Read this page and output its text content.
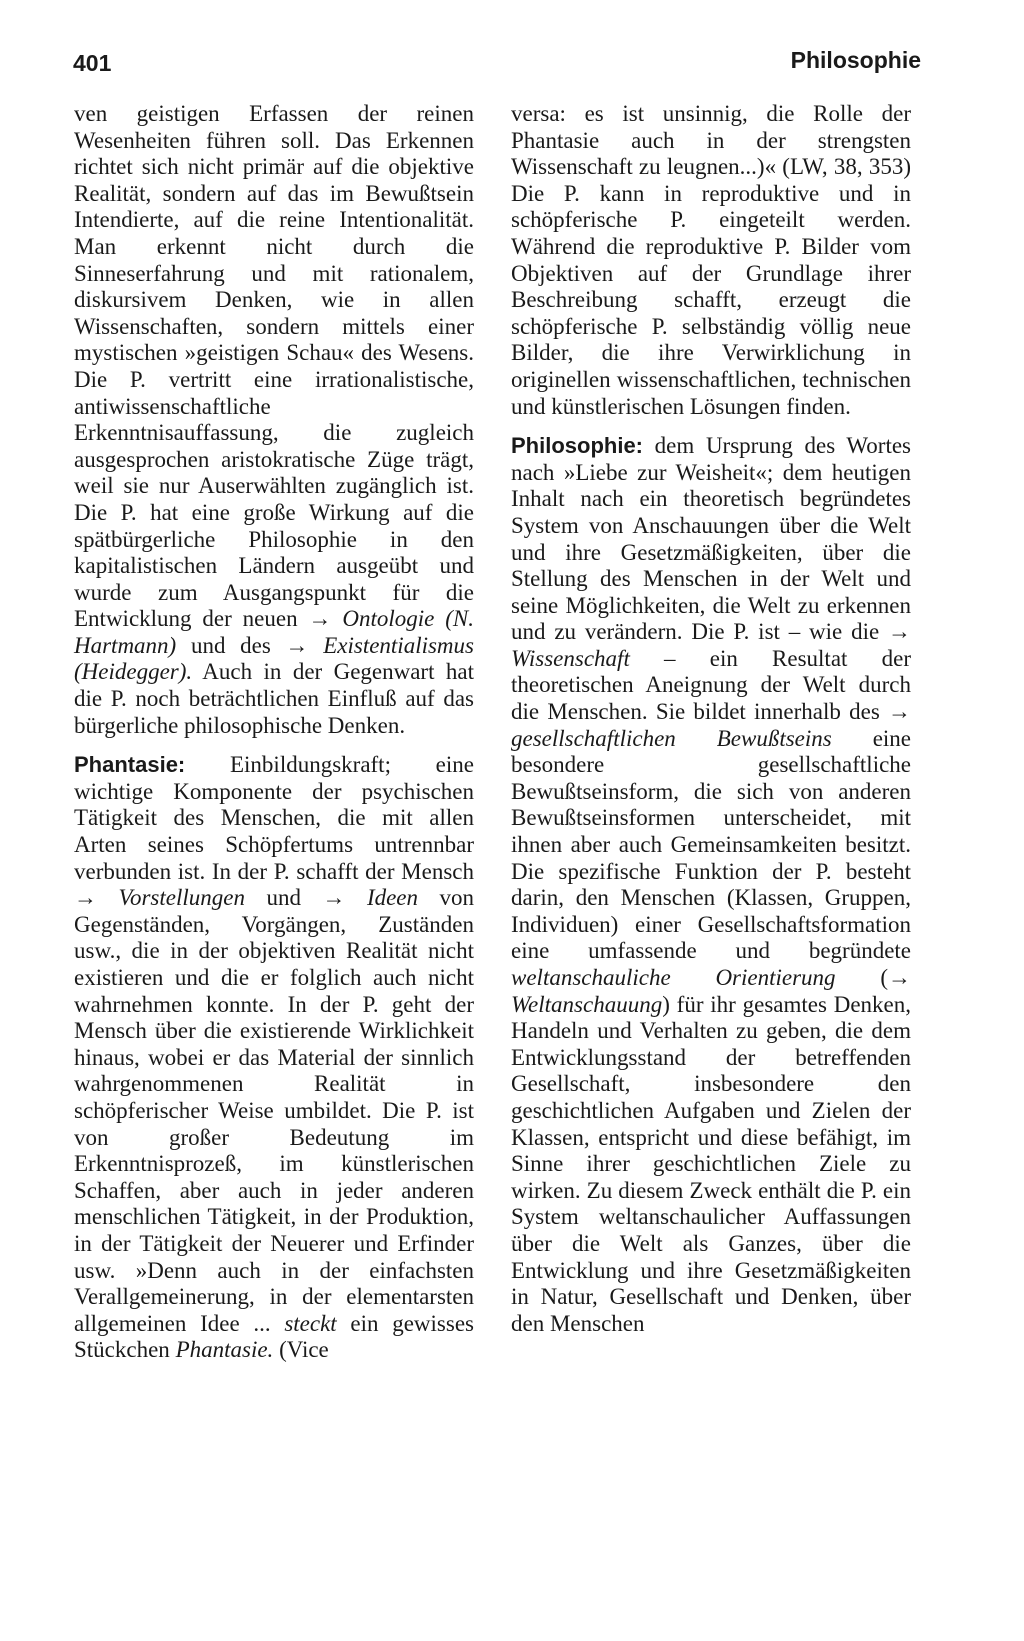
401	Philosophie

ven geistigen Erfassen der reinen Wesenheiten führen soll. Das Erkennen richtet sich nicht primär auf die objektive Realität, sondern auf das im Bewußtsein Intendierte, auf die reine Intentionalität. Man erkennt nicht durch die Sinneserfahrung und mit rationalem, diskursivem Denken, wie in allen Wissenschaften, sondern mittels einer mystischen »geistigen Schau« des Wesens. Die P. vertritt eine irrationalistische, antiwissenschaftliche Erkenntnisauffassung, die zugleich ausgesprochen aristokratische Züge trägt, weil sie nur Auserwählten zugänglich ist. Die P. hat eine große Wirkung auf die spätbürgerliche Philosophie in den kapitalistischen Ländern ausgeübt und wurde zum Ausgangspunkt für die Entwicklung der neuen → Ontologie (N. Hartmann) und des → Existentialismus (Heidegger). Auch in der Gegenwart hat die P. noch beträchtlichen Einfluß auf das bürgerliche philosophische Denken.

Phantasie: Einbildungskraft; eine wichtige Komponente der psychischen Tätigkeit des Menschen, die mit allen Arten seines Schöpfertums untrennbar verbunden ist. In der P. schafft der Mensch → Vorstellungen und → Ideen von Gegenständen, Vorgängen, Zuständen usw., die in der objektiven Realität nicht existieren und die er folglich auch nicht wahrnehmen konnte. In der P. geht der Mensch über die existierende Wirklichkeit hinaus, wobei er das Material der sinnlich wahrgenommenen Realität in schöpferischer Weise umbildet. Die P. ist von großer Bedeutung im Erkenntnisprozeß, im künstlerischen Schaffen, aber auch in jeder anderen menschlichen Tätigkeit, in der Produktion, in der Tätigkeit der Neuerer und Erfinder usw. »Denn auch in der einfachsten Verallgemeinerung, in der elementarsten allgemeinen Idee ... steckt ein gewisses Stückchen Phantasie. (Vice

versa: es ist unsinnig, die Rolle der Phantasie auch in der strengsten Wissenschaft zu leugnen...)« (LW, 38, 353) Die P. kann in reproduktive und in schöpferische P. eingeteilt werden. Während die reproduktive P. Bilder vom Objektiven auf der Grundlage ihrer Beschreibung schafft, erzeugt die schöpferische P. selbständig völlig neue Bilder, die ihre Verwirklichung in originellen wissenschaftlichen, technischen und künstlerischen Lösungen finden.

Philosophie: dem Ursprung des Wortes nach »Liebe zur Weisheit«; dem heutigen Inhalt nach ein theoretisch begründetes System von Anschauungen über die Welt und ihre Gesetzmäßigkeiten, über die Stellung des Menschen in der Welt und seine Möglichkeiten, die Welt zu erkennen und zu verändern. Die P. ist – wie die → Wissenschaft – ein Resultat der theoretischen Aneignung der Welt durch die Menschen. Sie bildet innerhalb des → gesellschaftlichen Bewußtseins eine besondere gesellschaftliche Bewußtseinsform, die sich von anderen Bewußtseinsformen unterscheidet, mit ihnen aber auch Gemeinsamkeiten besitzt. Die spezifische Funktion der P. besteht darin, den Menschen (Klassen, Gruppen, Individuen) einer Gesellschaftsformation eine umfassende und begründete weltanschauliche Orientierung (→ Weltanschauung) für ihr gesamtes Denken, Handeln und Verhalten zu geben, die dem Entwicklungsstand der betreffenden Gesellschaft, insbesondere den geschichtlichen Aufgaben und Zielen der Klassen, entspricht und diese befähigt, im Sinne ihrer geschichtlichen Ziele zu wirken. Zu diesem Zweck enthält die P. ein System weltanschaulicher Auffassungen über die Welt als Ganzes, über die Entwicklung und ihre Gesetzmäßigkeiten in Natur, Gesellschaft und Denken, über den Menschen
